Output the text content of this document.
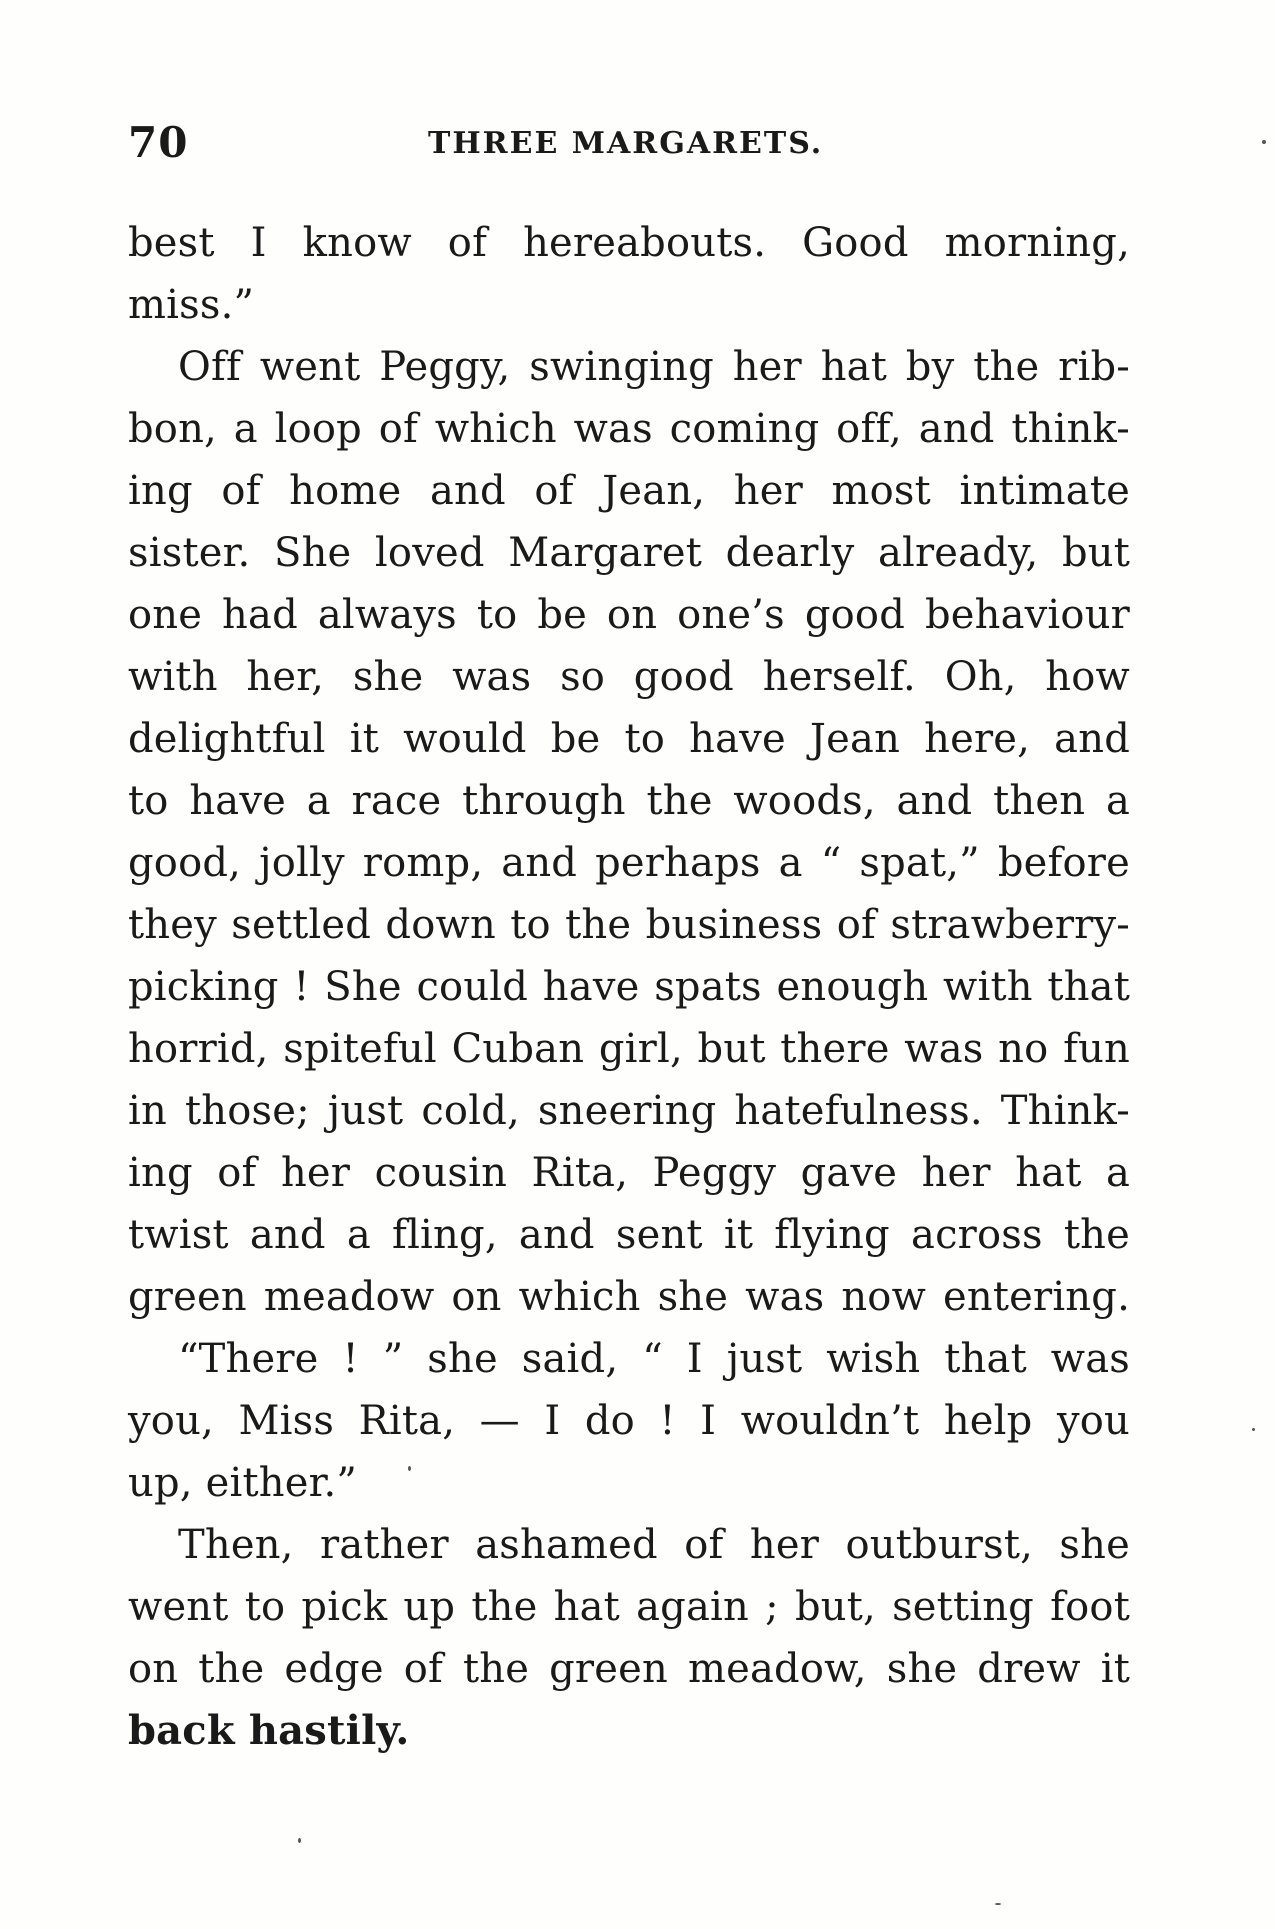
70	THREE MARGARETS.
best I know of hereabouts. Good morning,
miss.”
Off went Peggy, swinging her hat by the rib-
bon, a loop of which was coming off, and think-
ing of home and of Jean, her most intimate
sister. She loved Margaret dearly already, but
one had always to be on one’s good behaviour
with her, she was so good herself. Oh, how
delightful it would be to have Jean here, and
to have a race through the woods, and then a
good, jolly romp, and perhaps a “ spat,” before
they settled down to the business of strawberry-
picking ! She could have spats enough with that
horrid, spiteful Cuban girl, but there was no fun
in those; just cold, sneering hatefulness. Think-
ing of her cousin Rita, Peggy gave her hat a
twist and a fling, and sent it flying across the
green meadow on which she was now entering.
“There ! ” she said, “ I just wish that was
you, Miss Rita, — I do ! I wouldn’t help you
up, either.”
Then, rather ashamed of her outburst, she
went to pick up the hat again ; but, setting foot
on the edge of the green meadow, she drew it
back hastily.
